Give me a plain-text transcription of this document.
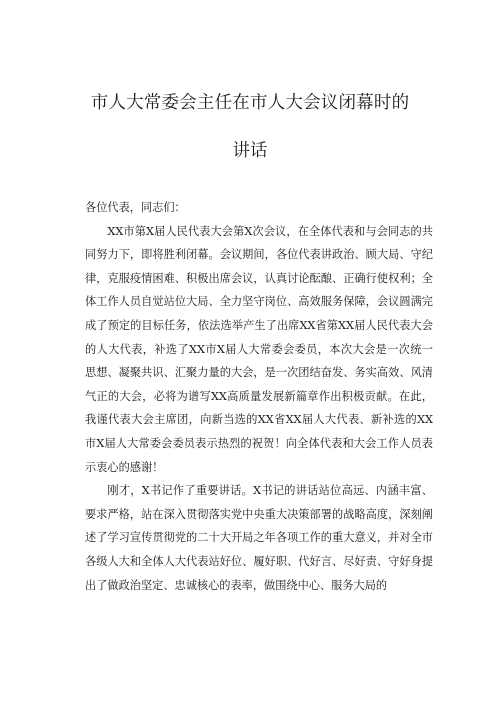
市人大常委会主任在市人大会议闭幕时的
讲话

各位代表，同志们：

XX市第X届人民代表大会第X次会议，在全体代表和与会同志的共同努力下，即将胜利闭幕。会议期间，各位代表讲政治、顾大局、守纪律，克服疫情困难、积极出席会议，认真讨论酝酿、正确行使权利；全体工作人员自觉站位大局、全力坚守岗位、高效服务保障，会议圆满完成了预定的目标任务，依法选举产生了出席XX省第XX届人民代表大会的人大代表，补选了XX市X届人大常委会委员，本次大会是一次统一思想、凝聚共识、汇聚力量的大会，是一次团结奋发、务实高效、风清气正的大会，必将为谱写XX高质量发展新篇章作出积极贡献。在此，我谨代表大会主席团，向新当选的XX省XX届人大代表、新补选的XX市X届人大常委会委员表示热烈的祝贺！向全体代表和大会工作人员表示衷心的感谢！

刚才，X书记作了重要讲话。X书记的讲话站位高远、内涵丰富、要求严格，站在深入贯彻落实党中央重大决策部署的战略高度，深刻阐述了学习宣传贯彻党的二十大开局之年各项工作的重大意义，并对全市各级人大和全体人大代表站好位、履好职、代好言、尽好责、守好身提出了做政治坚定、忠诚核心的表率，做围绕中心、服务大局的
